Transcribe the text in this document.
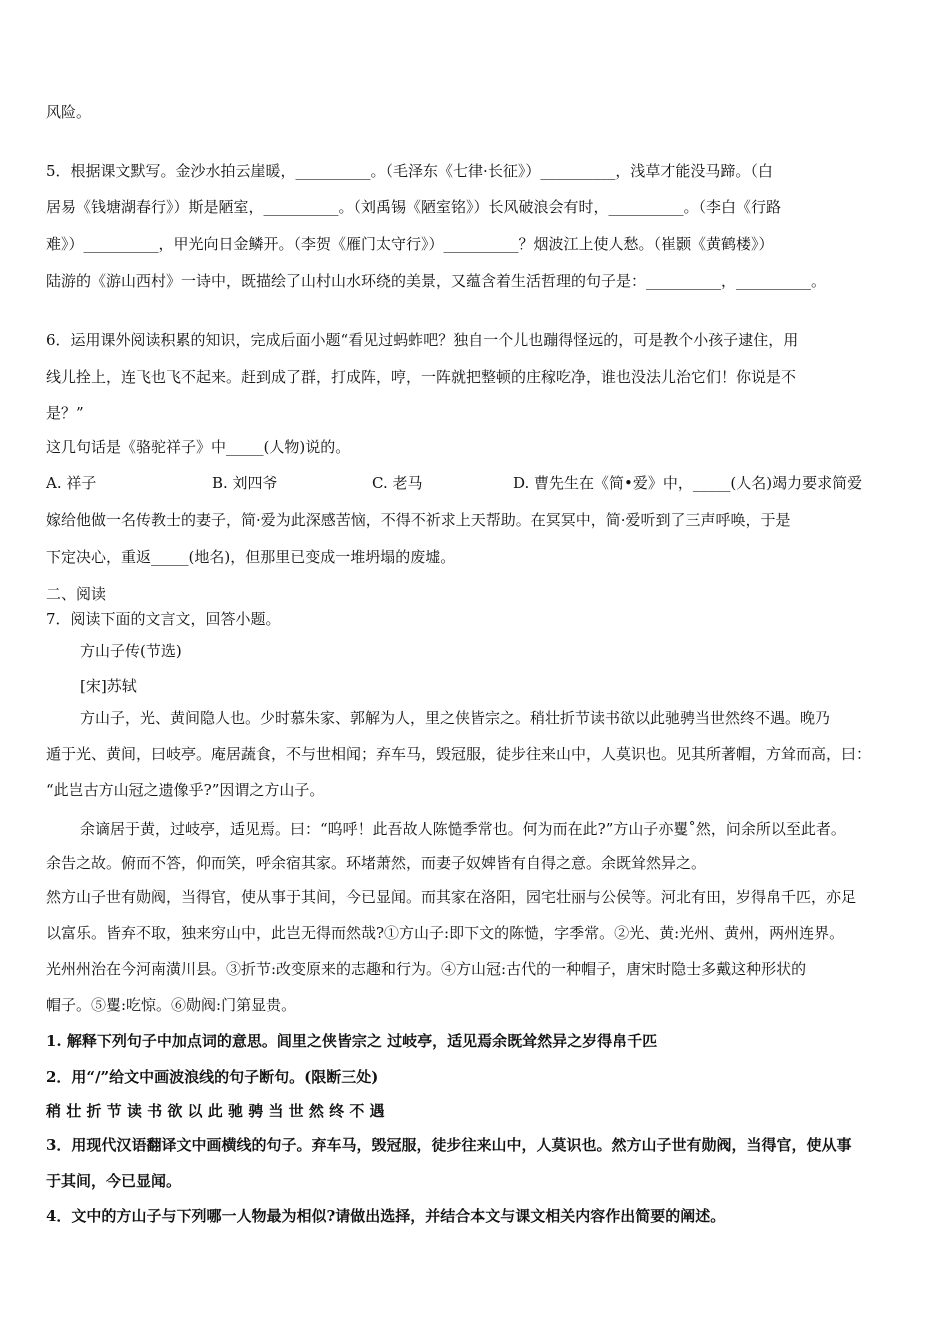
风险。
5．根据课文默写。金沙水拍云崖暖，__________。（毛泽东《七律·长征》）__________，浅草才能没马蹄。（白
居易《钱塘湖春行》）斯是陋室，__________。（刘禹锡《陋室铭》）长风破浪会有时，__________。（李白《行路
难》）__________，甲光向日金鳞开。（李贺《雁门太守行》）__________？烟波江上使人愁。（崔颢《黄鹤楼》）
陆游的《游山西村》一诗中，既描绘了山村山水环绕的美景，又蕴含着生活哲理的句子是：__________，__________。
6．运用课外阅读积累的知识，完成后面小题“看见过蚂蚱吧？独自一个儿也蹦得怪远的，可是教个小孩子逮住，用
线儿拴上，连飞也飞不起来。赶到成了群，打成阵，哼，一阵就把整顿的庄稼吃净，谁也没法儿治它们！你说是不
是？”
这几句话是《骆驼祥子》中_____(人物)说的。
A. 祥子	B. 刘四爷	C. 老马	D. 曹先生在《简•爱》中，_____(人名)竭力要求简爱
嫁给他做一名传教士的妻子，简·爱为此深感苦恼，不得不祈求上天帮助。在冥冥中，简·爱听到了三声呼唤，于是
下定决心，重返_____(地名)，但那里已变成一堆坍塌的废墟。
二、阅读
7．阅读下面的文言文，回答小题。
方山子传(节选)
[宋]苏轼
方山子，光、黄间隐人也。少时慕朱家、郭解为人，里之侠皆宗之。稍壮折节读书欲以此驰骋当世然终不遇。晚乃
遁于光、黄间，曰岐亭。庵居蔬食，不与世相闻；弃车马，毁冠服，徒步往来山中，人莫识也。见其所著帽，方耸而高，曰：
“此岂古方山冠之遗像乎?”因谓之方山子。
余谪居于黄，过岐亭，适见焉。曰：“呜呼！此吾故人陈慥季常也。何为而在此?”方山子亦矍˚然，问余所以至此者。
余告之故。俯而不答，仰而笑，呼余宿其家。环堵萧然，而妻子奴婢皆有自得之意。余既耸然异之。
然方山子世有勋阀，当得官，使从事于其间，今已显闻。而其家在洛阳，园宅壮丽与公侯等。河北有田，岁得帛千匹，亦足
以富乐。皆弃不取，独来穷山中，此岂无得而然哉?①方山子:即下文的陈慥，字季常。②光、黄:光州、黄州，两州连界。
光州州治在今河南潢川县。③折节:改变原来的志趣和行为。④方山冠:古代的一种帽子，唐宋时隐士多戴这种形状的
帽子。⑤矍:吃惊。⑥勋阀:门第显贵。
1. 解释下列句子中加点词的意思。闾里之侠皆宗之 过岐亭，适见焉余既耸然异之岁得帛千匹
2．用“/”给文中画波浪线的句子断句。(限断三处)
稍 壮 折 节 读 书 欲 以 此 驰 骋 当 世 然 终 不 遇
3．用现代汉语翻译文中画横线的句子。弃车马，毁冠服，徒步往来山中，人莫识也。然方山子世有勋阀，当得官，使从事
于其间，今已显闻。
4．文中的方山子与下列哪一人物最为相似?请做出选择，并结合本文与课文相关内容作出简要的阐述。
